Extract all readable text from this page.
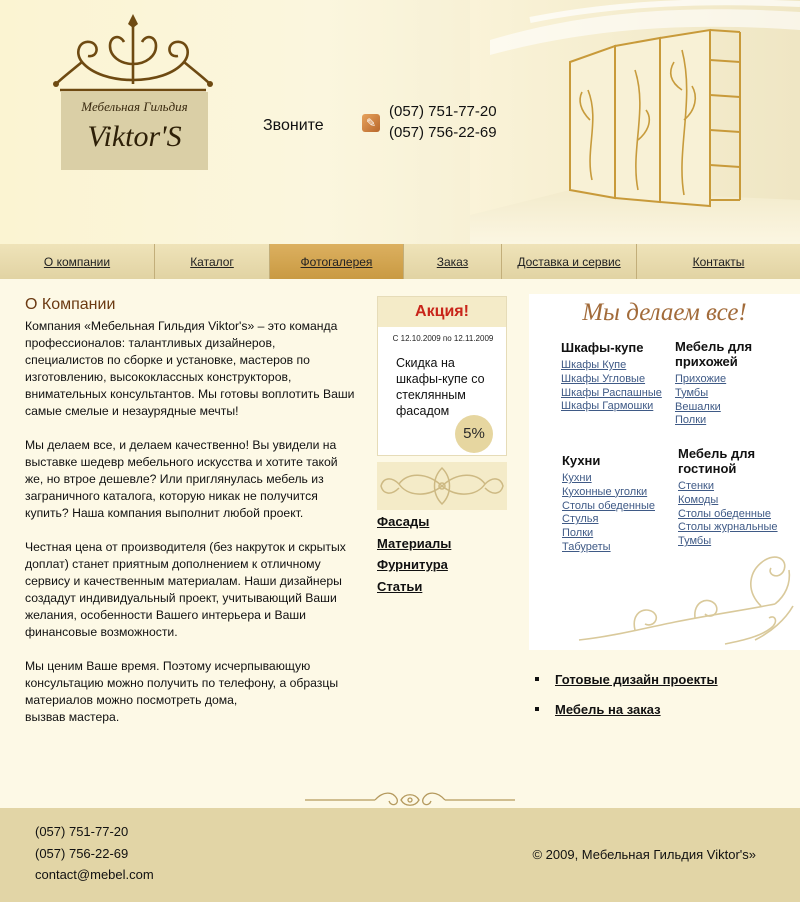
Мебельная Гильдия
Viktor'S	Звоните	✎
(057) 751-77-20
(057) 756-22-69
О компании	Каталог	Фотогалерея	Заказ	Доставка и сервис	Контакты
О Компании

Компания «Мебельная Гильдия Viktor's» – это команда профессионалов: талантливых дизайнеров, специалистов по сборке и установке, мастеров по изготовлению, высококлассных конструкторов, внимательных консультантов. Мы готовы воплотить Ваши самые смелые и незаурядные мечты!

Мы делаем все, и делаем качественно! Вы увидели на выставке шедевр мебельного искусства и хотите такой же, но втрое дешевле? Или приглянулась мебель из заграничного каталога, которую никак не получится купить? Наша компания выполнит любой проект.

Честная цена от производителя (без накруток и скрытых доплат) станет приятным дополнением к отличному сервису и качественным материалам. Наши дизайнеры создадут индивидуальный проект, учитывающий Ваши желания, особенности Вашего интерьера и Ваши финансовые возможности.

Мы ценим Ваше время. Поэтому исчерпывающую консультацию можно получить по телефону, а образцы материалов можно посмотреть дома,
вызвав мастера.

Акция!
С 12.10.2009 по 12.11.2009
Скидка на шкафы-купе со стеклянным фасадом
5%
Фасады
Материалы
Фурнитура
Статьи
Мы делаем все!
Шкафы-купе
Шкафы Купе
Шкафы Угловые
Шкафы Распашные
Шкафы Гармошки
Мебель для прихожей
Прихожие
Тумбы
Вешалки
Полки
Кухни
Кухни
Кухонные уголки
Столы обеденные
Стулья
Полки
Табуреты
Мебель для гостиной
Стенки
Комоды
Столы обеденные
Столы журнальные
Тумбы
Готовые дизайн проекты
Мебель на заказ
(057) 751-77-20
(057) 756-22-69
contact@mebel.com
© 2009, Мебельная Гильдия Viktor's»
